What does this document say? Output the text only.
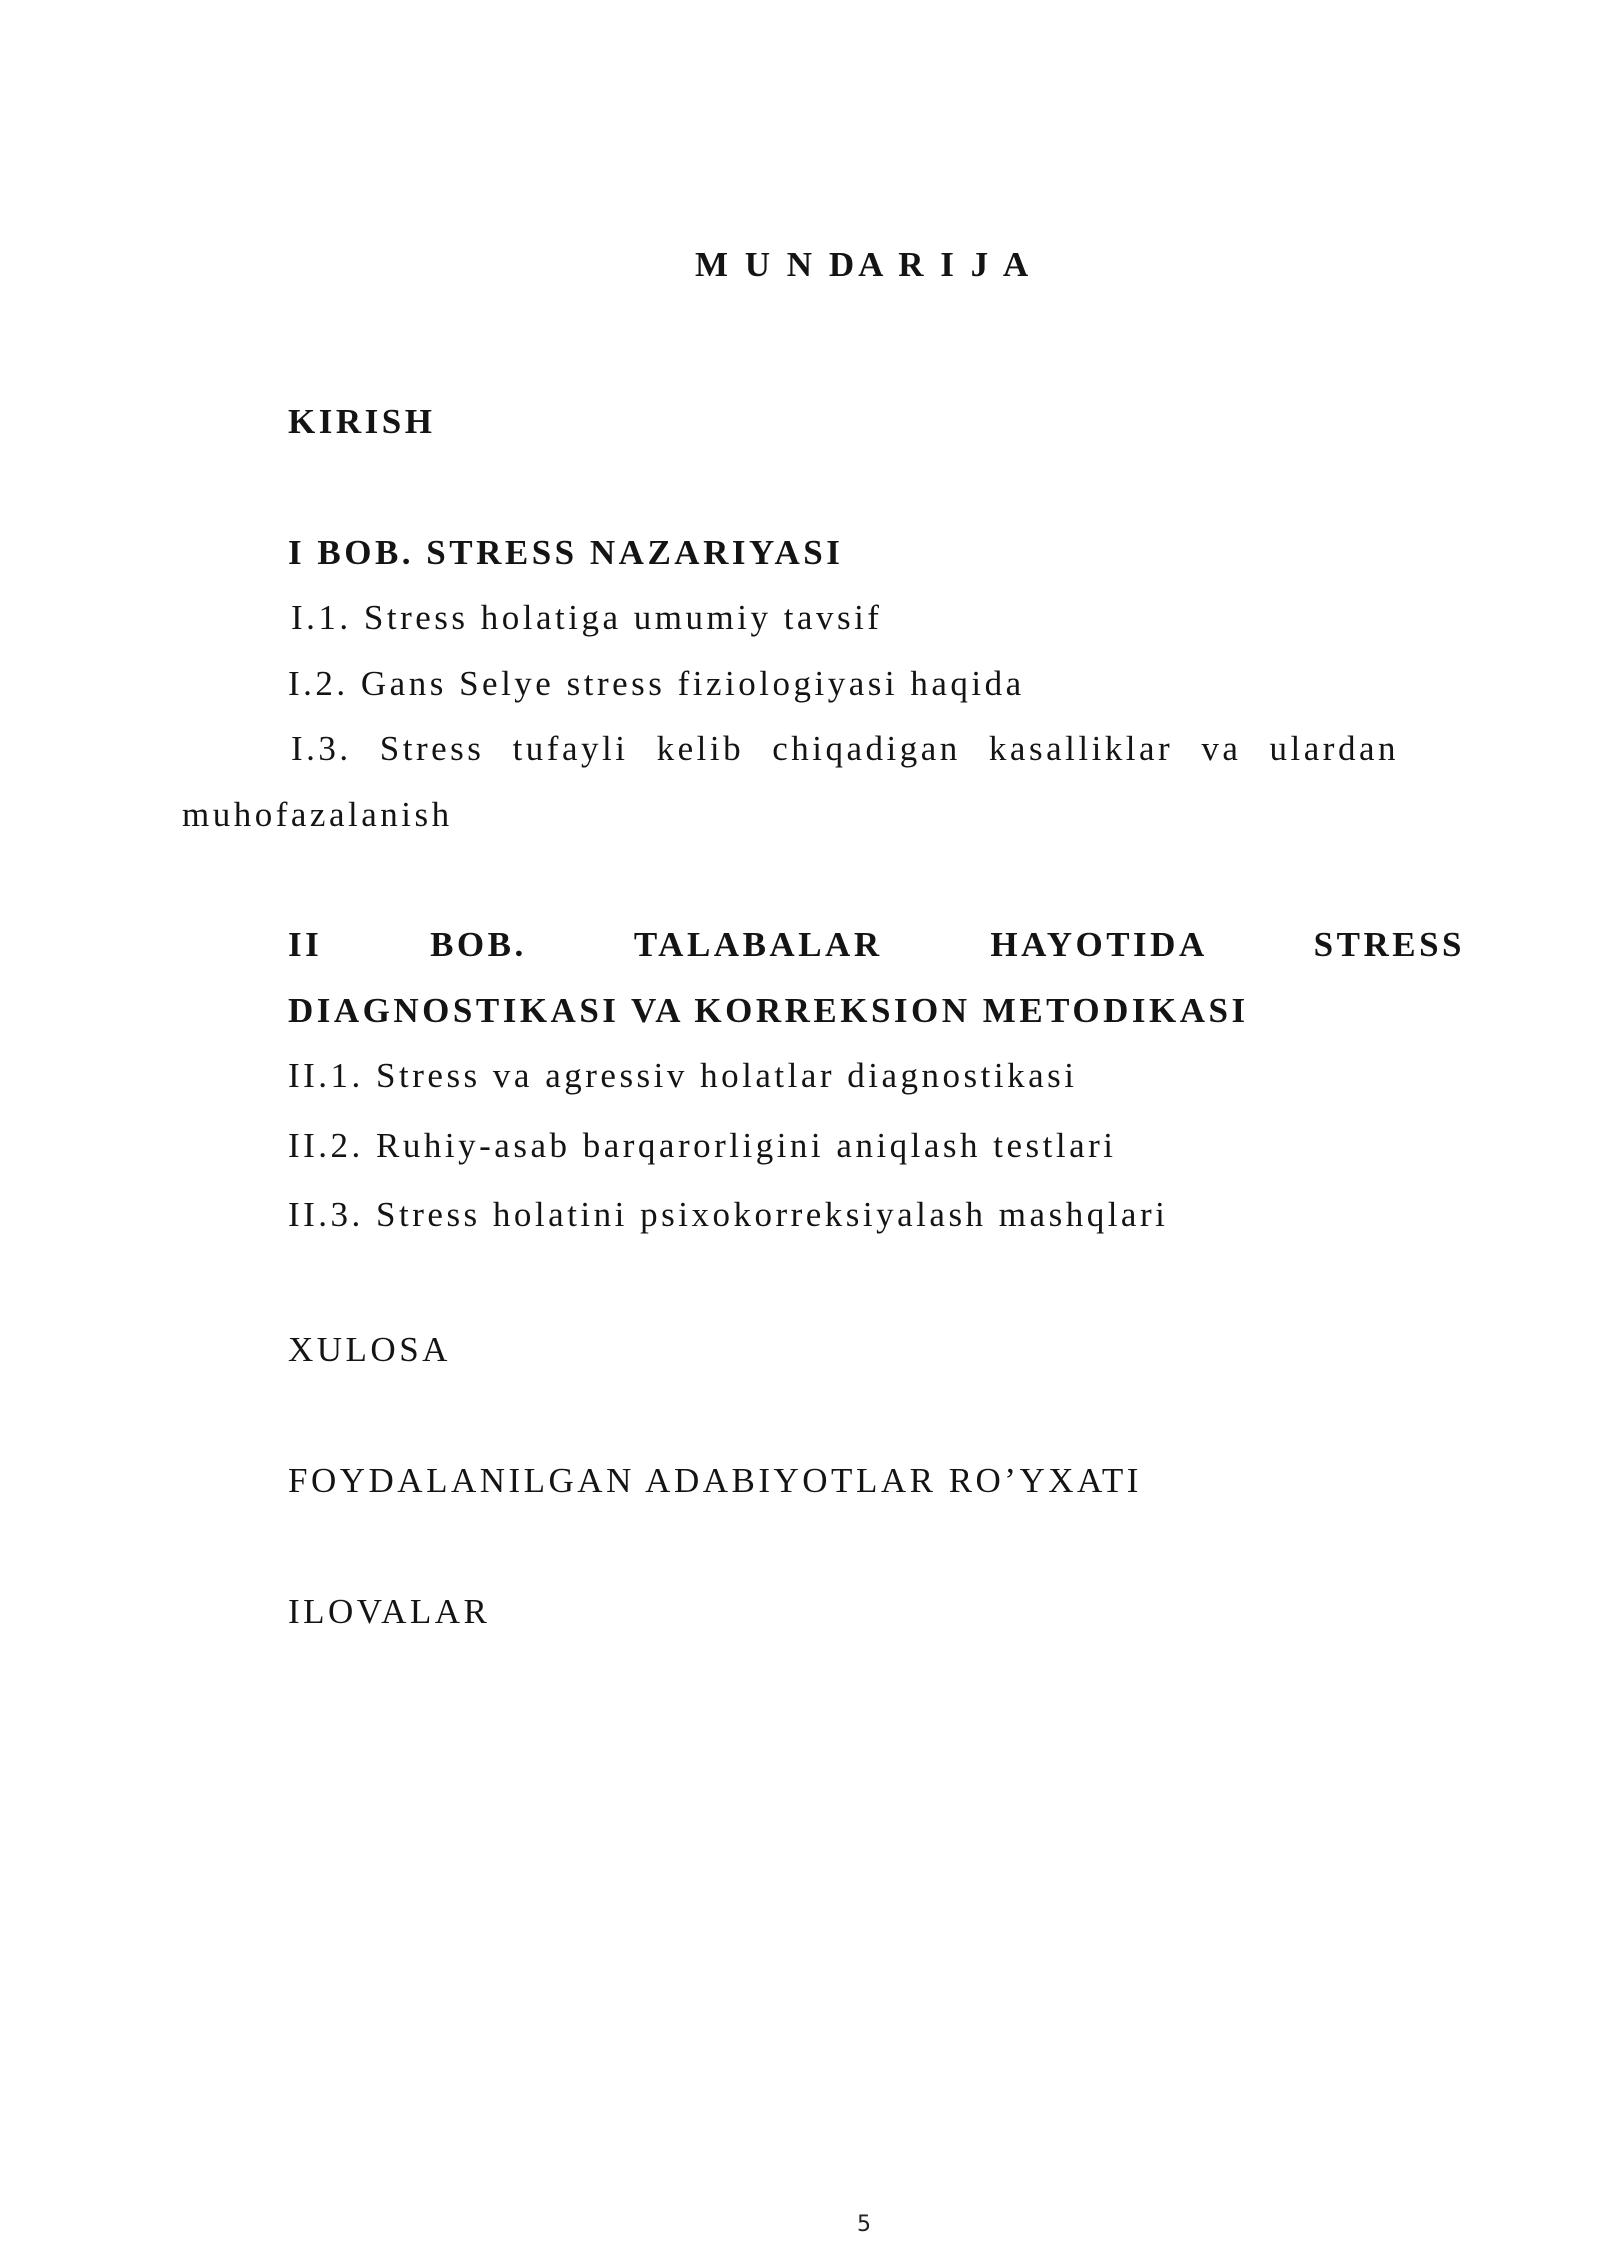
M U N DA R I J A
KIRISH
I BOB. STRESS NAZARIYASI
I.1. Stress holatiga umumiy tavsif
I.2. Gans Selye stress fiziologiyasi haqida
I.3. Stress tufayli kelib chiqadigan kasalliklar va ulardan
muhofazalanish
II BOB. TALABALAR HAYOTIDA STRESS
DIAGNOSTIKASI VA KORREKSION METODIKASI
II.1. Stress va agressiv holatlar diagnostikasi
II.2. Ruhiy-asab barqarorligini aniqlash testlari
II.3. Stress holatini psixokorreksiyalash mashqlari
XULOSA
FOYDALANILGAN ADABIYOTLAR RO’YXATI
ILOVALAR
5
